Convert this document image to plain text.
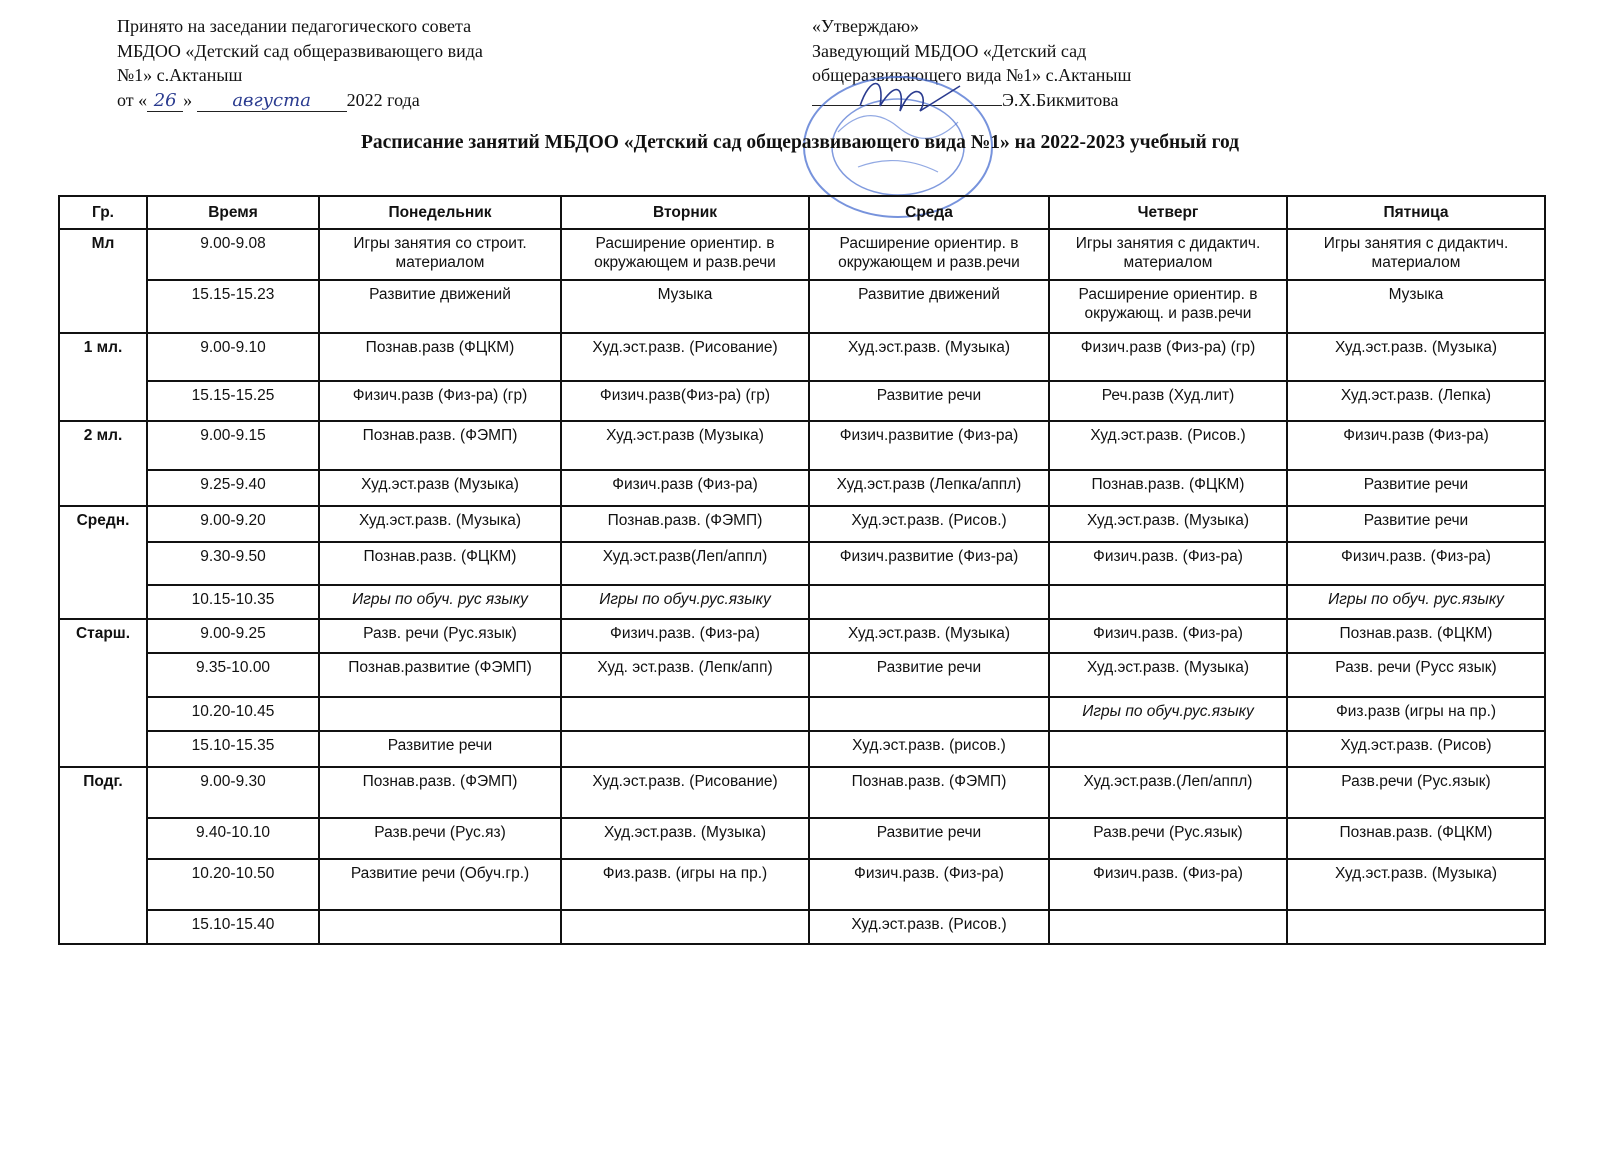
Принято на заседании педагогического совета
МБДОО «Детский сад общеразвивающего вида
№1» с.Актаныш
от « 26 » августа 2022 года
«Утверждаю»
Заведующий МБДОО «Детский сад
общеразвивающего вида №1» с.Актаныш
Э.Х.Бикмитова
Расписание занятий МБДОО «Детский сад общеразвивающего вида №1» на 2022-2023 учебный год
Гр.	Время	Понедельник	Вторник	Среда	Четверг	Пятница
Мл	9.00-9.08	Игры занятия со строит. материалом	Расширение ориентир. в окружающем и разв.речи	Расширение ориентир. в окружающем и разв.речи	Игры занятия с дидактич. материалом	Игры занятия с дидактич. материалом
	15.15-15.23	Развитие движений	Музыка	Развитие движений	Расширение ориентир. в окружающ. и разв.речи	Музыка
1 мл.	9.00-9.10	Познав.разв (ФЦКМ)	Худ.эст.разв. (Рисование)	Худ.эст.разв. (Музыка)	Физич.разв (Физ-ра) (гр)	Худ.эст.разв. (Музыка)
	15.15-15.25	Физич.разв (Физ-ра) (гр)	Физич.разв(Физ-ра) (гр)	Развитие речи	Реч.разв (Худ.лит)	Худ.эст.разв. (Лепка)
2 мл.	9.00-9.15	Познав.разв. (ФЭМП)	Худ.эст.разв (Музыка)	Физич.развитие (Физ-ра)	Худ.эст.разв. (Рисов.)	Физич.разв (Физ-ра)
	9.25-9.40	Худ.эст.разв (Музыка)	Физич.разв (Физ-ра)	Худ.эст.разв (Лепка/аппл)	Познав.разв. (ФЦКМ)	Развитие речи
Средн.	9.00-9.20	Худ.эст.разв. (Музыка)	Познав.разв. (ФЭМП)	Худ.эст.разв. (Рисов.)	Худ.эст.разв. (Музыка)	Развитие речи
	9.30-9.50	Познав.разв. (ФЦКМ)	Худ.эст.разв(Леп/аппл)	Физич.развитие (Физ-ра)	Физич.разв. (Физ-ра)	Физич.разв. (Физ-ра)
	10.15-10.35	Игры по обуч. рус языку	Игры по обуч.рус.языку			Игры по обуч. рус.языку
Старш.	9.00-9.25	Разв. речи (Рус.язык)	Физич.разв. (Физ-ра)	Худ.эст.разв. (Музыка)	Физич.разв. (Физ-ра)	Познав.разв. (ФЦКМ)
	9.35-10.00	Познав.развитие (ФЭМП)	Худ. эст.разв. (Лепк/апп)	Развитие речи	Худ.эст.разв. (Музыка)	Разв. речи (Русс язык)
	10.20-10.45				Игры по обуч.рус.языку	Физ.разв (игры на пр.)
	15.10-15.35	Развитие речи		Худ.эст.разв. (рисов.)		Худ.эст.разв. (Рисов)
Подг.	9.00-9.30	Познав.разв. (ФЭМП)	Худ.эст.разв. (Рисование)	Познав.разв. (ФЭМП)	Худ.эст.разв.(Леп/аппл)	Разв.речи (Рус.язык)
	9.40-10.10	Разв.речи (Рус.яз)	Худ.эст.разв. (Музыка)	Развитие речи	Разв.речи (Рус.язык)	Познав.разв. (ФЦКМ)
	10.20-10.50	Развитие речи (Обуч.гр.)	Физ.разв. (игры на пр.)	Физич.разв. (Физ-ра)	Физич.разв. (Физ-ра)	Худ.эст.разв. (Музыка)
	15.10-15.40			Худ.эст.разв. (Рисов.)		
